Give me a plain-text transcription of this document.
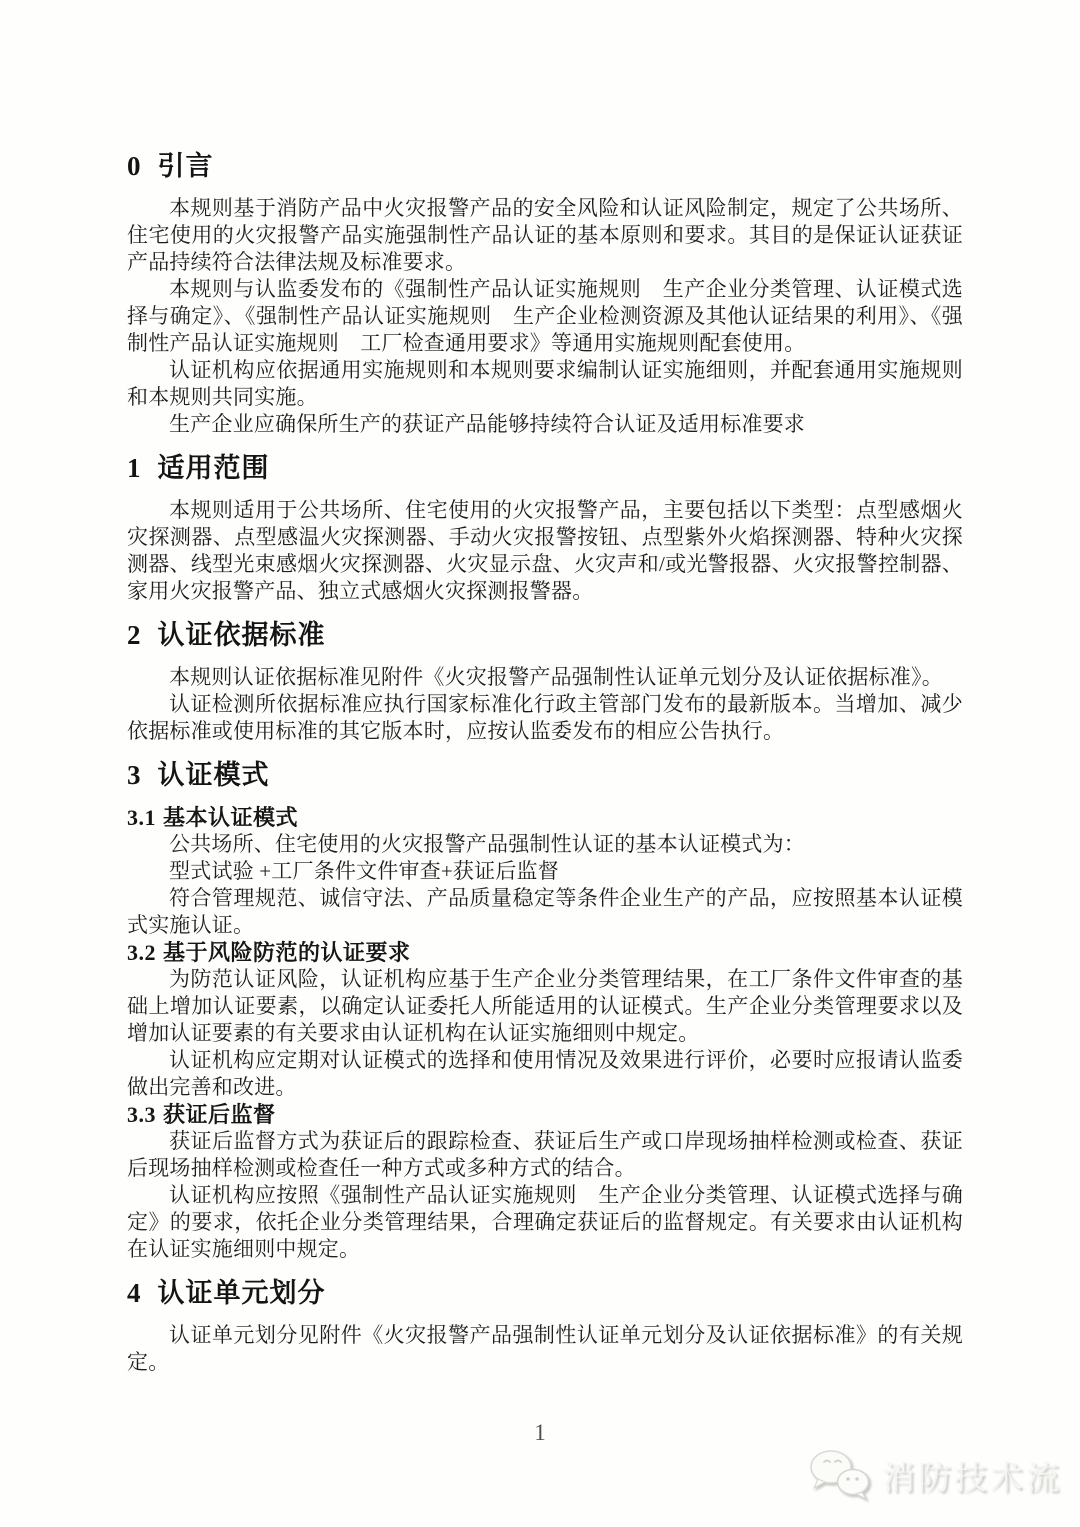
0 引言

本规则基于消防产品中火灾报警产品的安全风险和认证风险制定，规定了公共场所、住宅使用的火灾报警产品实施强制性产品认证的基本原则和要求。其目的是保证认证获证产品持续符合法律法规及标准要求。

本规则与认监委发布的《强制性产品认证实施规则　生产企业分类管理、认证模式选择与确定》、《强制性产品认证实施规则　生产企业检测资源及其他认证结果的利用》、《强制性产品认证实施规则　工厂检查通用要求》等通用实施规则配套使用。

认证机构应依据通用实施规则和本规则要求编制认证实施细则，并配套通用实施规则和本规则共同实施。

生产企业应确保所生产的获证产品能够持续符合认证及适用标准要求

1 适用范围

本规则适用于公共场所、住宅使用的火灾报警产品，主要包括以下类型：点型感烟火灾探测器、点型感温火灾探测器、手动火灾报警按钮、点型紫外火焰探测器、特种火灾探测器、线型光束感烟火灾探测器、火灾显示盘、火灾声和/或光警报器、火灾报警控制器、家用火灾报警产品、独立式感烟火灾探测报警器。

2 认证依据标准

本规则认证依据标准见附件《火灾报警产品强制性认证单元划分及认证依据标准》。

认证检测所依据标准应执行国家标准化行政主管部门发布的最新版本。当增加、减少依据标准或使用标准的其它版本时，应按认监委发布的相应公告执行。

3 认证模式
3.1 基本认证模式

公共场所、住宅使用的火灾报警产品强制性认证的基本认证模式为：

型式试验 +工厂条件文件审查+获证后监督

符合管理规范、诚信守法、产品质量稳定等条件企业生产的产品，应按照基本认证模式实施认证。

3.2 基于风险防范的认证要求

为防范认证风险，认证机构应基于生产企业分类管理结果，在工厂条件文件审查的基础上增加认证要素，以确定认证委托人所能适用的认证模式。生产企业分类管理要求以及增加认证要素的有关要求由认证机构在认证实施细则中规定。

认证机构应定期对认证模式的选择和使用情况及效果进行评价，必要时应报请认监委做出完善和改进。

3.3 获证后监督

获证后监督方式为获证后的跟踪检查、获证后生产或口岸现场抽样检测或检查、获证后现场抽样检测或检查任一种方式或多种方式的结合。

认证机构应按照《强制性产品认证实施规则　生产企业分类管理、认证模式选择与确定》的要求，依托企业分类管理结果，合理确定获证后的监督规定。有关要求由认证机构在认证实施细则中规定。

4 认证单元划分

认证单元划分见附件《火灾报警产品强制性认证单元划分及认证依据标准》的有关规定。

1
消防技术流
